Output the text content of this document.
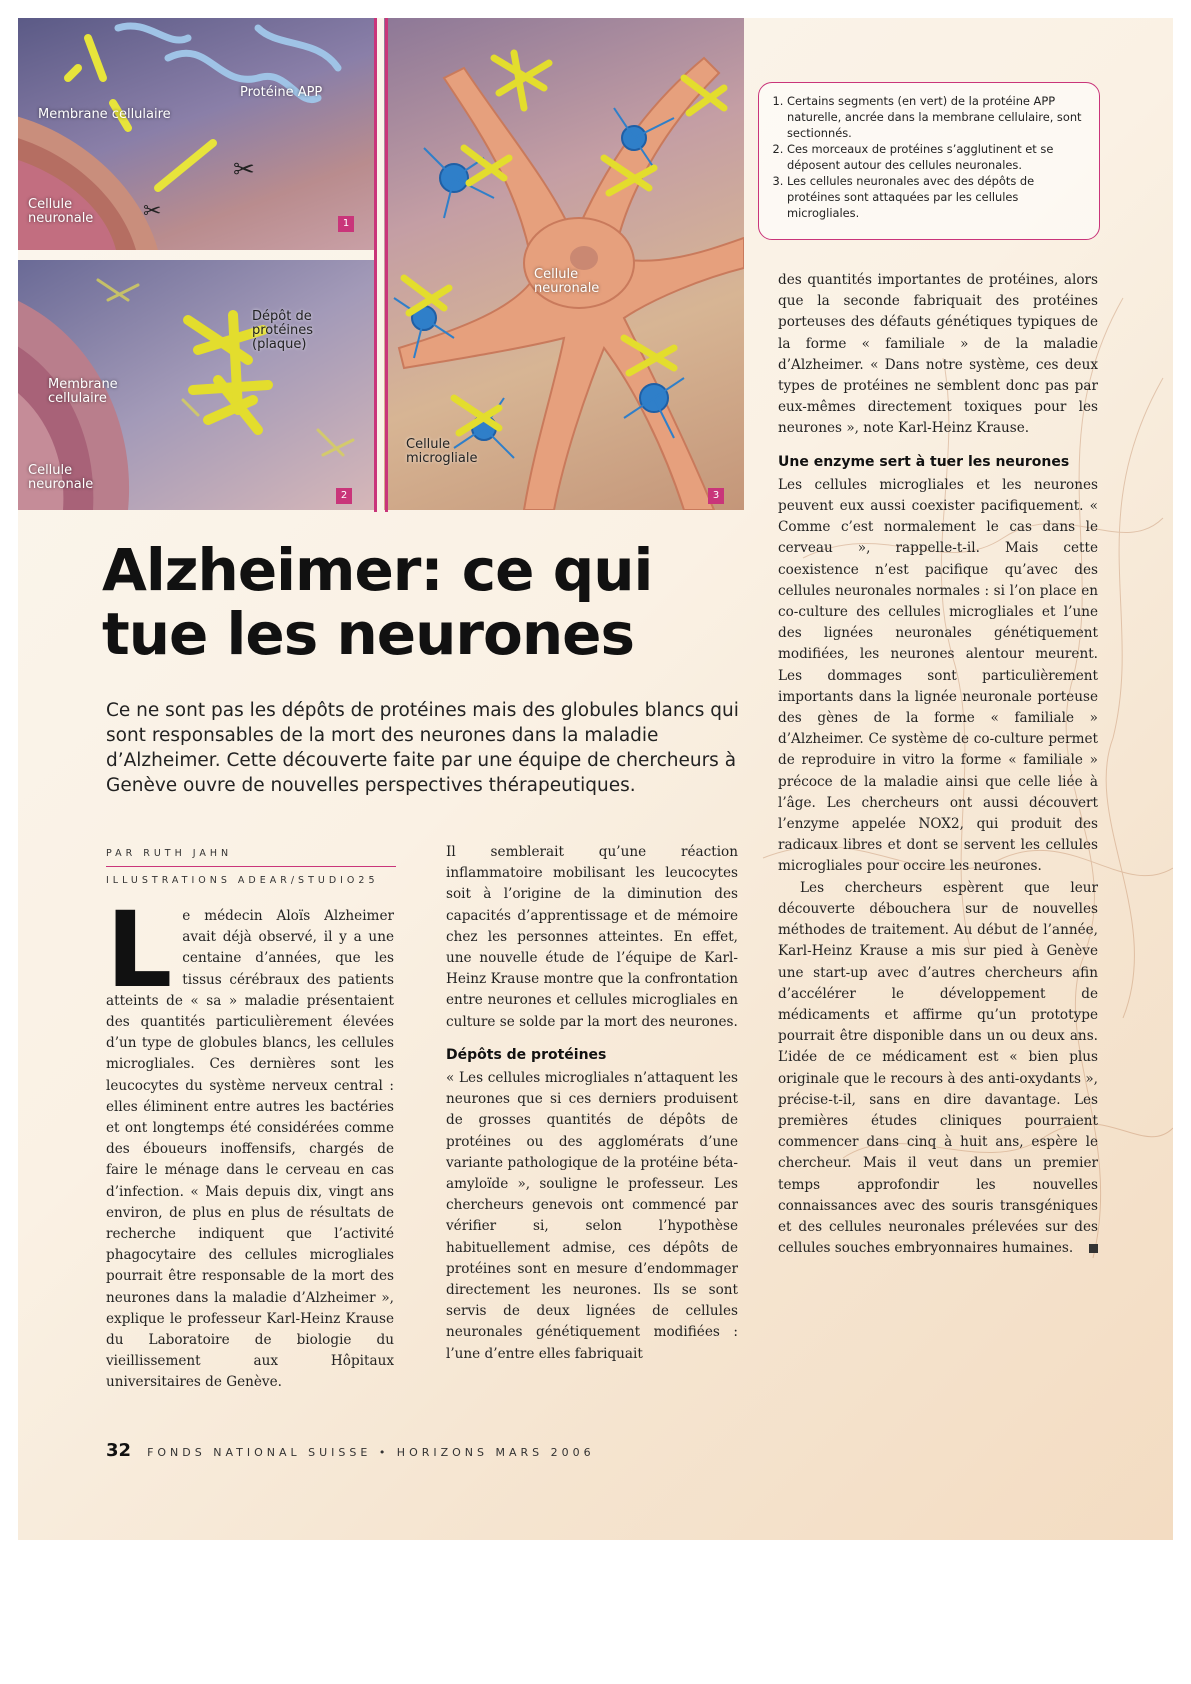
✂
✂
Membrane cellulaire
Cellule neuronale
Protéine APP
1
Dépôt de protéines (plaque)
Membrane cellulaire
Cellule neuronale
2
Cellule neuronale
Cellule microgliale
3
1. Certains segments (en vert) de la protéine APP naturelle, ancrée dans la membrane cellulaire, sont sectionnés.
2. Ces morceaux de protéines s’agglutinent et se déposent autour des cellules neuronales.
3. Les cellules neuronales avec des dépôts de protéines sont attaquées par les cellules microgliales.
Alzheimer: ce qui tue les neurones
Ce ne sont pas les dépôts de protéines mais des globules blancs qui sont responsables de la mort des neurones dans la maladie d’Alzheimer. Cette découverte faite par une équipe de chercheurs à Genève ouvre de nouvelles perspectives thérapeutiques.
PAR RUTH JAHN
ILLUSTRATIONS ADEAR/STUDIO25

Le médecin Aloïs Alzheimer avait déjà observé, il y a une centaine d’années, que les tissus cérébraux des patients atteints de « sa » maladie présentaient des quantités particulièrement élevées d’un type de globules blancs, les cellules microgliales. Ces dernières sont les leucocytes du système nerveux central : elles éliminent entre autres les bactéries et ont longtemps été considérées comme des éboueurs inoffensifs, chargés de faire le ménage dans le cerveau en cas d’infection. « Mais depuis dix, vingt ans environ, de plus en plus de résultats de recherche indiquent que l’activité phagocytaire des cellules microgliales pourrait être responsable de la mort des neurones dans la maladie d’Alzheimer », explique le professeur Karl-Heinz Krause du Laboratoire de biologie du vieillissement aux Hôpitaux universitaires de Genève.

Il semblerait qu’une réaction inflammatoire mobilisant les leucocytes soit à l’origine de la diminution des capacités d’apprentissage et de mémoire chez les personnes atteintes. En effet, une nouvelle étude de l’équipe de Karl-Heinz Krause montre que la confrontation entre neurones et cellules microgliales en culture se solde par la mort des neurones.

Dépôts de protéines

« Les cellules microgliales n’attaquent les neurones que si ces derniers produisent de grosses quantités de dépôts de protéines ou des agglomérats d’une variante pathologique de la protéine béta-amyloïde », souligne le professeur. Les chercheurs genevois ont commencé par vérifier si, selon l’hypothèse habituellement admise, ces dépôts de protéines sont en mesure d’endommager directement les neurones. Ils se sont servis de deux lignées de cellules neuronales génétiquement modifiées : l’une d’entre elles fabriquait

des quantités importantes de protéines, alors que la seconde fabriquait des protéines porteuses des défauts génétiques typiques de la forme « familiale » de la maladie d’Alzheimer. « Dans notre système, ces deux types de protéines ne semblent donc pas par eux-mêmes directement toxiques pour les neurones », note Karl-Heinz Krause.

Une enzyme sert à tuer les neurones

Les cellules microgliales et les neurones peuvent eux aussi coexister pacifiquement. « Comme c’est normalement le cas dans le cerveau », rappelle-t-il. Mais cette coexistence n’est pacifique qu’avec des cellules neuronales normales : si l’on place en co-culture des cellules microgliales et l’une des lignées neuronales génétiquement modifiées, les neurones alentour meurent. Les dommages sont particulièrement importants dans la lignée neuronale porteuse des gènes de la forme « familiale » d’Alzheimer. Ce système de co-culture permet de reproduire in vitro la forme « familiale » précoce de la maladie ainsi que celle liée à l’âge. Les chercheurs ont aussi découvert l’enzyme appelée NOX2, qui produit des radicaux libres et dont se servent les cellules microgliales pour occire les neurones.

Les chercheurs espèrent que leur découverte débouchera sur de nouvelles méthodes de traitement. Au début de l’année, Karl-Heinz Krause a mis sur pied à Genève une start-up avec d’autres chercheurs afin d’accélérer le développement de médicaments et affirme qu’un prototype pourrait être disponible dans un ou deux ans. L’idée de ce médicament est « bien plus originale que le recours à des anti-oxydants », précise-t-il, sans en dire davantage. Les premières études cliniques pourraient commencer dans cinq à huit ans, espère le chercheur. Mais il veut dans un premier temps approfondir les nouvelles connaissances avec des souris transgéniques et des cellules neuronales prélevées sur des cellules souches embryonnaires humaines.

32 FONDS NATIONAL SUISSE • HORIZONS MARS 2006
